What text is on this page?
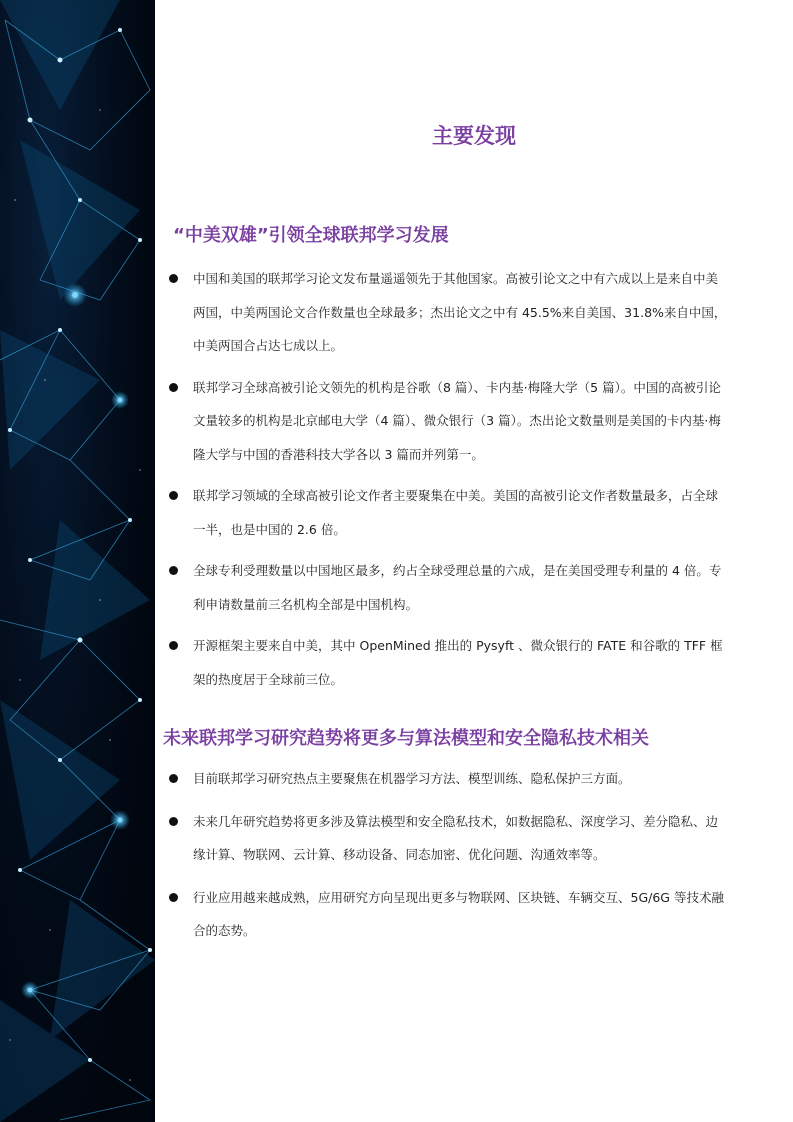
主要发现
“中美双雄”引领全球联邦学习发展
中国和美国的联邦学习论文发布量遥遥领先于其他国家。高被引论文之中有六成以上是来自中美两国，中美两国论文合作数量也全球最多；杰出论文之中有 45.5%来自美国、31.8%来自中国，中美两国合占达七成以上。
联邦学习全球高被引论文领先的机构是谷歌（8 篇）、卡内基·梅隆大学（5 篇）。中国的高被引论文量较多的机构是北京邮电大学（4 篇）、微众银行（3 篇）。杰出论文数量则是美国的卡内基·梅隆大学与中国的香港科技大学各以 3 篇而并列第一。
联邦学习领域的全球高被引论文作者主要聚集在中美。美国的高被引论文作者数量最多，占全球一半，也是中国的 2.6 倍。
全球专利受理数量以中国地区最多，约占全球受理总量的六成，是在美国受理专利量的 4 倍。专利申请数量前三名机构全部是中国机构。
开源框架主要来自中美，其中 OpenMined 推出的 Pysyft 、微众银行的 FATE 和谷歌的 TFF 框架的热度居于全球前三位。
未来联邦学习研究趋势将更多与算法模型和安全隐私技术相关
目前联邦学习研究热点主要聚焦在机器学习方法、模型训练、隐私保护三方面。
未来几年研究趋势将更多涉及算法模型和安全隐私技术，如数据隐私、深度学习、差分隐私、边缘计算、物联网、云计算、移动设备、同态加密、优化问题、沟通效率等。
行业应用越来越成熟，应用研究方向呈现出更多与物联网、区块链、车辆交互、5G/6G 等技术融合的态势。
